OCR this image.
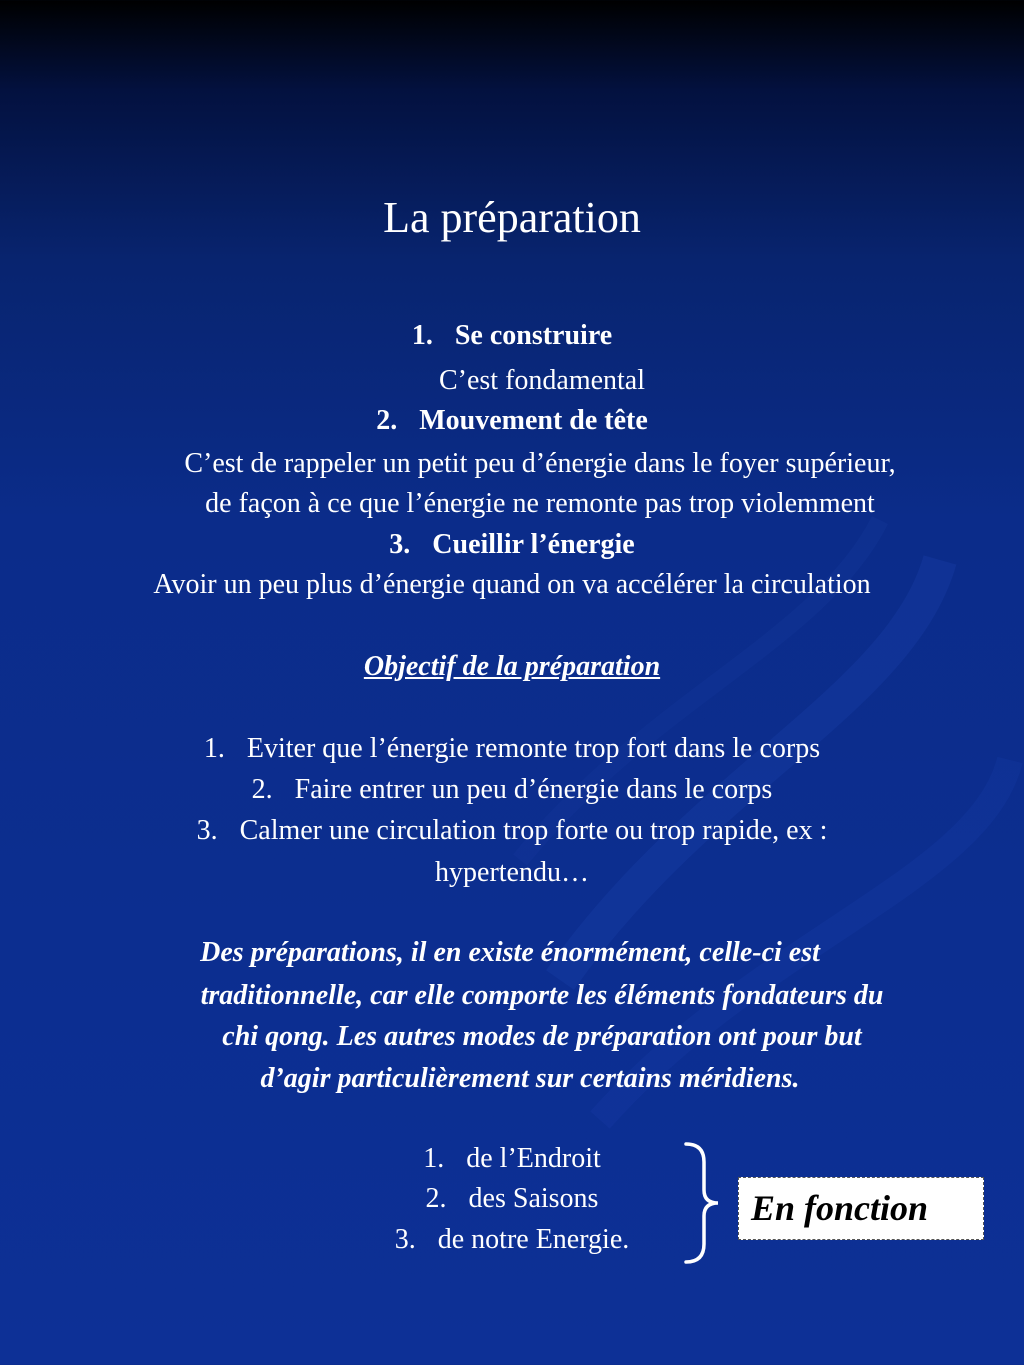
La préparation
1. Se construire
C’est fondamental
2. Mouvement de tête
C’est de rappeler un petit peu d’énergie dans le foyer supérieur,
de façon à ce que l’énergie ne remonte pas trop violemment
3. Cueillir l’énergie
Avoir un peu plus d’énergie quand on va accélérer la circulation
Objectif de la préparation
1. Eviter que l’énergie remonte trop fort dans le corps
2. Faire entrer un peu d’énergie dans le corps
3. Calmer une circulation trop forte ou trop rapide, ex :
hypertendu…
Des préparations, il en existe énormément, celle-ci est
traditionnelle, car elle comporte les éléments fondateurs du
chi qong. Les autres modes de préparation ont pour but
d’agir particulièrement sur certains méridiens.
1. de l’Endroit
2. des Saisons
3. de notre Energie.
En fonction
